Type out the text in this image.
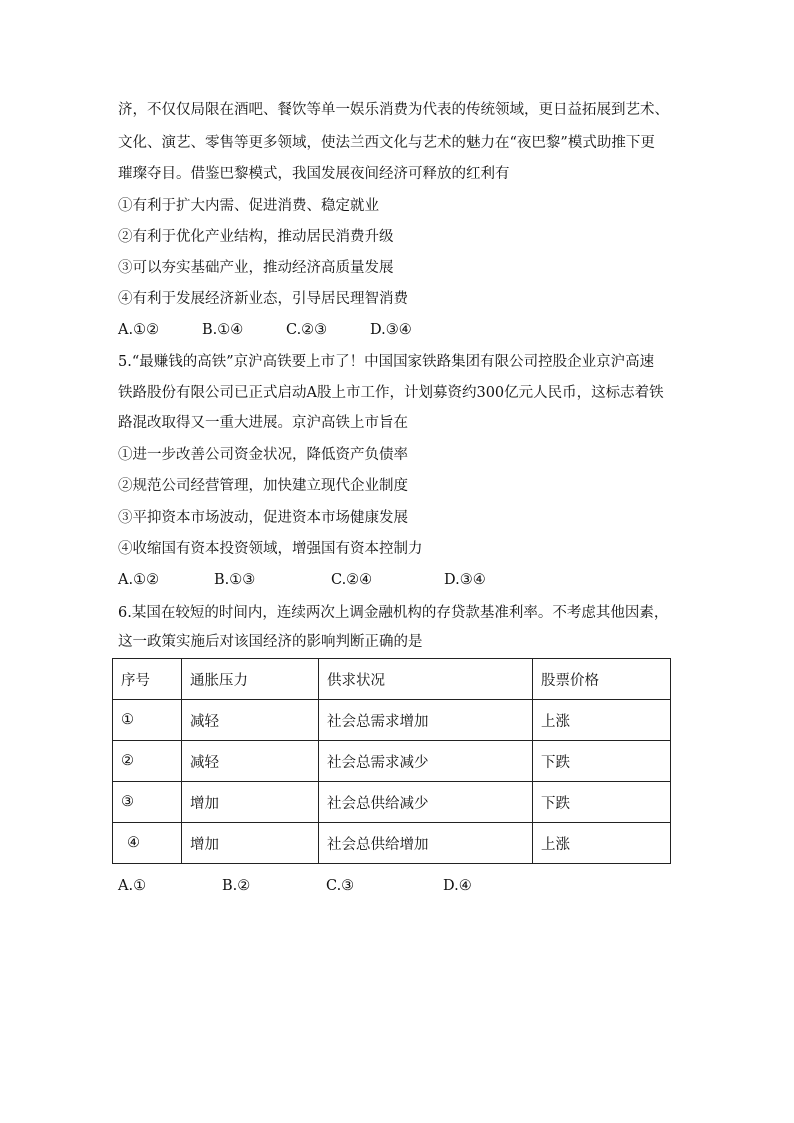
济，不仅仅局限在酒吧、餐饮等单一娱乐消费为代表的传统领域，更日益拓展到艺术、
文化、演艺、零售等更多领域，使法兰西文化与艺术的魅力在“夜巴黎”模式助推下更
璀璨夺目。借鉴巴黎模式，我国发展夜间经济可释放的红利有
①有利于扩大内需、促进消费、稳定就业
②有利于优化产业结构，推动居民消费升级
③可以夯实基础产业，推动经济高质量发展
④有利于发展经济新业态，引导居民理智消费
A.①②	B.①④	C.②③	D.③④
5.“最赚钱的高铁”京沪高铁要上市了！中国国家铁路集团有限公司控股企业京沪高速
铁路股份有限公司已正式启动A股上市工作，计划募资约300亿元人民币，这标志着铁
路混改取得又一重大进展。京沪高铁上市旨在
①进一步改善公司资金状况，降低资产负债率
②规范公司经营管理，加快建立现代企业制度
③平抑资本市场波动，促进资本市场健康发展
④收缩国有资本投资领域，增强国有资本控制力
A.①②	B.①③	C.②④	D.③④
6.某国在较短的时间内，连续两次上调金融机构的存贷款基准利率。不考虑其他因素，
这一政策实施后对该国经济的影响判断正确的是
序号	通胀压力	供求状况	股票价格
①	减轻	社会总需求增加	上涨
②	减轻	社会总需求减少	下跌
③	增加	社会总供给减少	下跌
④	增加	社会总供给增加	上涨
A.①	B.②	C.③	D.④
